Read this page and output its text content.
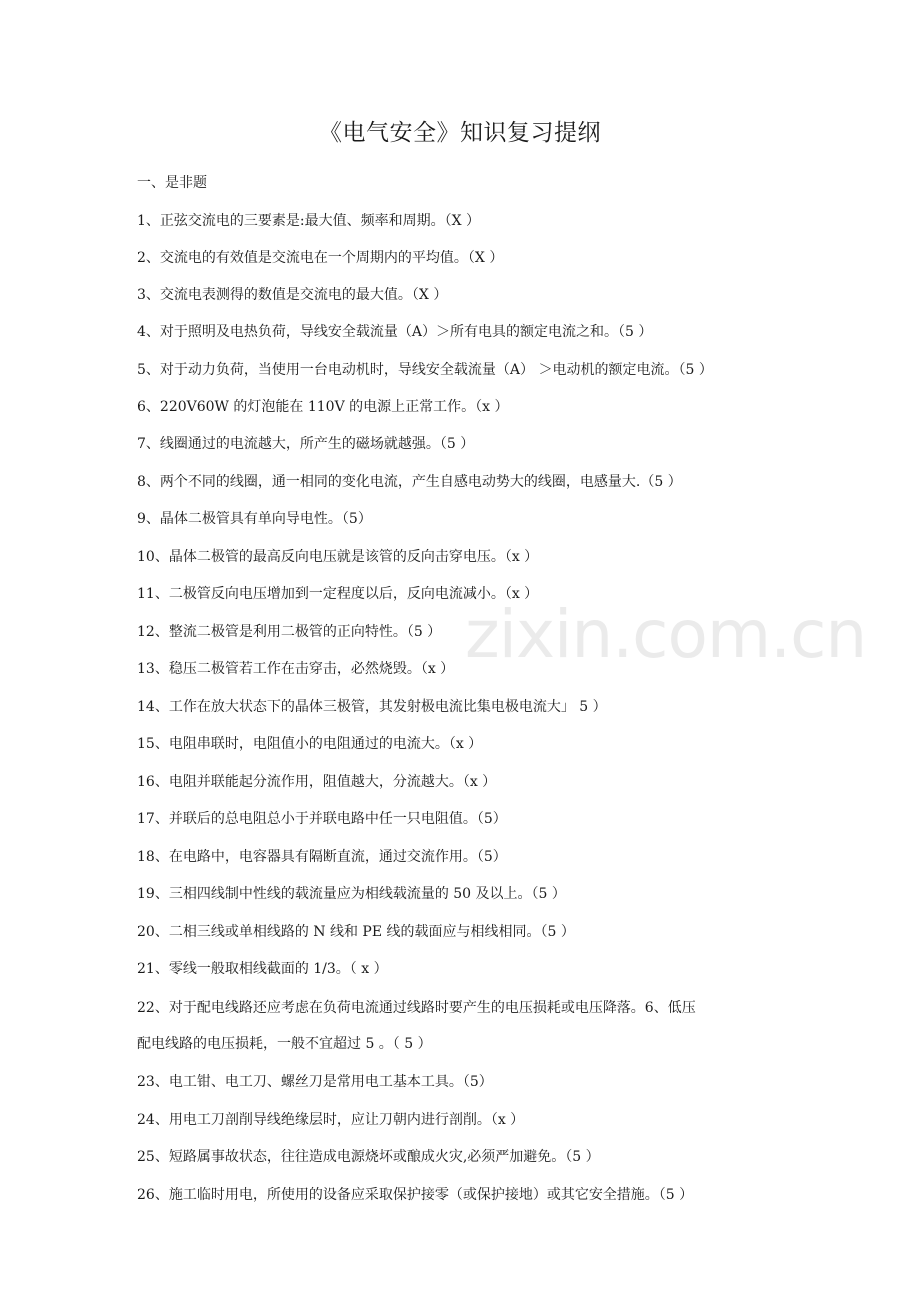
zixin.com.cn
《电气安全》知识复习提纲
一、是非题
1、正弦交流电的三要素是:最大值、频率和周期。（X ）
2、交流电的有效值是交流电在一个周期内的平均值。（X ）
3、交流电表测得的数值是交流电的最大值。（X ）
4、对于照明及电热负荷，导线安全载流量（A）＞所有电具的额定电流之和。（5 ）
5、对于动力负荷，当使用一台电动机时，导线安全载流量（A） ＞电动机的额定电流。（5 ）
6、220V60W 的灯泡能在 110V 的电源上正常工作。（x ）
7、线圈通过的电流越大，所产生的磁场就越强。（5 ）
8、两个不同的线圈，通一相同的变化电流，产生自感电动势大的线圈，电感量大.（5 ）
9、晶体二极管具有单向导电性。（5）
10、晶体二极管的最高反向电压就是该管的反向击穿电压。（x ）
11、二极管反向电压增加到一定程度以后，反向电流减小。（x ）
12、整流二极管是利用二极管的正向特性。（5 ）
13、稳压二极管若工作在击穿击，必然烧毁。（x ）
14、工作在放大状态下的晶体三极管，其发射极电流比集电极电流大」 5 ）
15、电阻串联时，电阻值小的电阻通过的电流大。（x ）
16、电阻并联能起分流作用，阻值越大，分流越大。（x ）
17、并联后的总电阻总小于并联电路中任一只电阻值。（5）
18、在电路中，电容器具有隔断直流，通过交流作用。（5）
19、三相四线制中性线的载流量应为相线载流量的 50 及以上。（5 ）
20、二相三线或单相线路的 N 线和 PE 线的载面应与相线相同。（5 ）
21、零线一般取相线截面的 1/3。（ x ）
22、对于配电线路还应考虑在负荷电流通过线路时要产生的电压损耗或电压降落。6、低压
配电线路的电压损耗，一般不宜超过 5 。（ 5 ）
23、电工钳、电工刀、螺丝刀是常用电工基本工具。（5）
24、用电工刀剖削导线绝缘层时，应让刀朝内进行剖削。（x ）
25、短路属事故状态，往往造成电源烧坏或酿成火灾,必须严加避免。（5 ）
26、施工临时用电，所使用的设备应采取保护接零（或保护接地）或其它安全措施。（5 ）
